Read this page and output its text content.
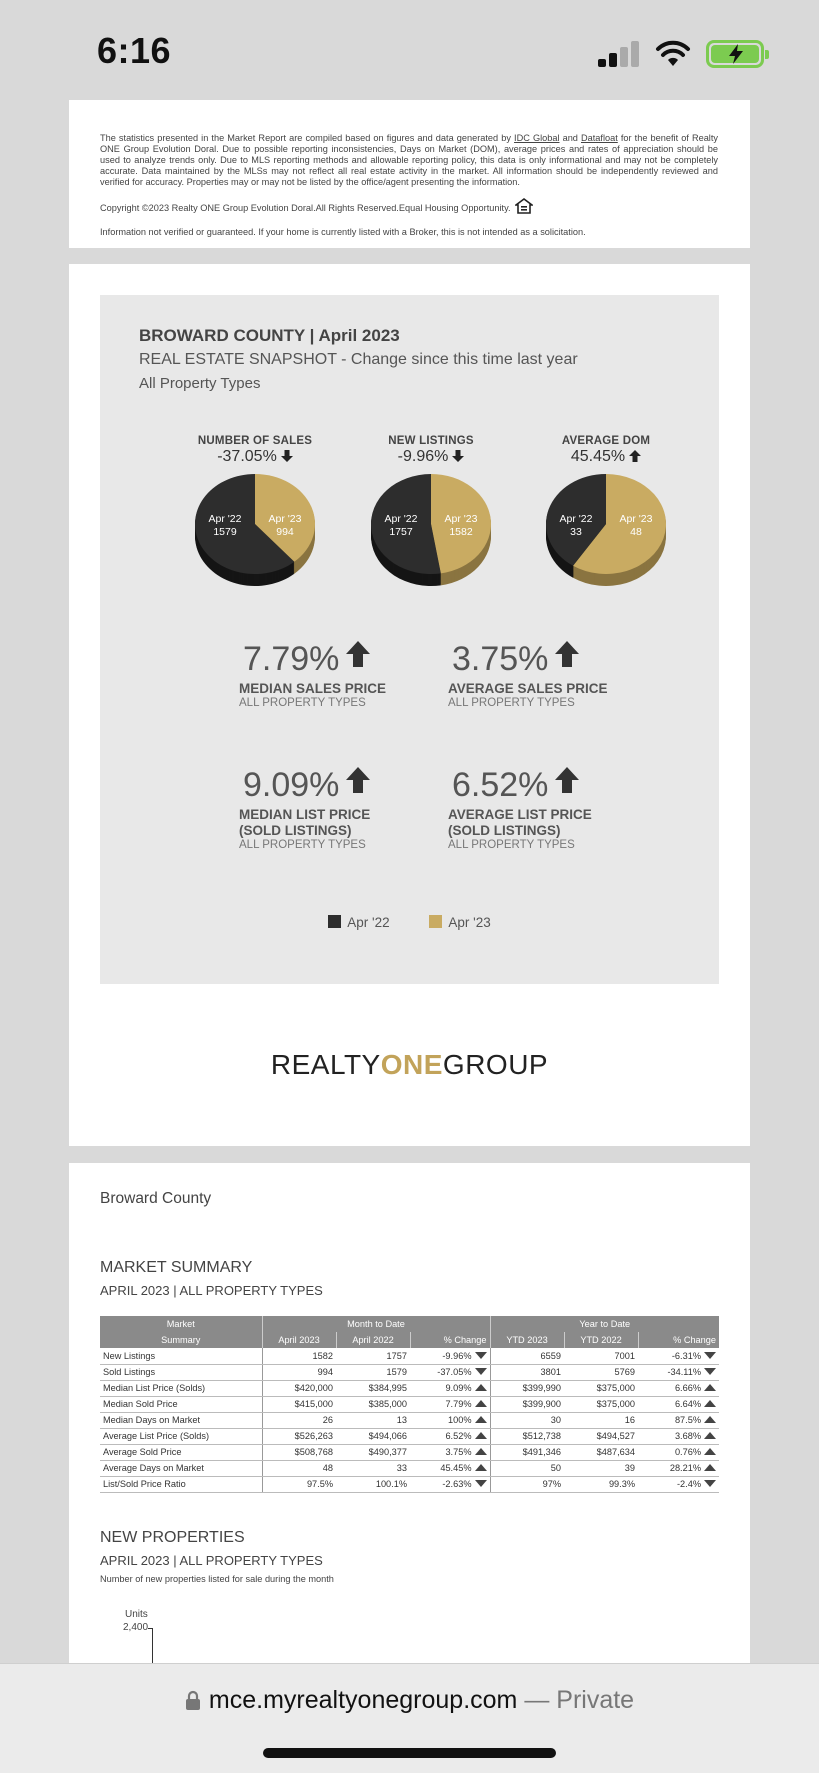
6:16
The statistics presented in the Market Report are compiled based on figures and data generated by IDC Global and Datafloat for the benefit of Realty ONE Group Evolution Doral. Due to possible reporting inconsistencies, Days on Market (DOM), average prices and rates of appreciation should be used to analyze trends only. Due to MLS reporting methods and allowable reporting policy, this data is only informational and may not be completely accurate. Data maintained by the MLSs may not reflect all real estate activity in the market. All information should be independently reviewed and verified for accuracy. Properties may or may not be listed by the office/agent presenting the information.
Copyright ©2023 Realty ONE Group Evolution Doral.All Rights Reserved.Equal Housing Opportunity.
Information not verified or guaranteed. If your home is currently listed with a Broker, this is not intended as a solicitation.
BROWARD COUNTY | April 2023
REAL ESTATE SNAPSHOT - Change since this time last year
All Property Types
NUMBER OF SALES
-37.05%
Apr '22
1579
Apr '23
994
NEW LISTINGS
-9.96%
Apr '22
1757
Apr '23
1582
AVERAGE DOM
45.45%
Apr '22
33
Apr '23
48
7.79%
MEDIAN SALES PRICE
ALL PROPERTY TYPES
3.75%
AVERAGE SALES PRICE
ALL PROPERTY TYPES
9.09%
MEDIAN LIST PRICE
(SOLD LISTINGS)
ALL PROPERTY TYPES
6.52%
AVERAGE LIST PRICE
(SOLD LISTINGS)
ALL PROPERTY TYPES
Apr '22	Apr '23
REALTYONEGROUP
Broward County
MARKET SUMMARY
APRIL 2023 | ALL PROPERTY TYPES
Market	Month to Date			Year to Date		
Summary	April 2023	April 2022	% Change	YTD 2023	YTD 2022	% Change
New Listings	1582	1757	-9.96%	6559	7001	-6.31%
Sold Listings	994	1579	-37.05%	3801	5769	-34.11%
Median List Price (Solds)	$420,000	$384,995	9.09%	$399,990	$375,000	6.66%
Median Sold Price	$415,000	$385,000	7.79%	$399,900	$375,000	6.64%
Median Days on Market	26	13	100%	30	16	87.5%
Average List Price (Solds)	$526,263	$494,066	6.52%	$512,738	$494,527	3.68%
Average Sold Price	$508,768	$490,377	3.75%	$491,346	$487,634	0.76%
Average Days on Market	48	33	45.45%	50	39	28.21%
List/Sold Price Ratio	97.5%	100.1%	-2.63%	97%	99.3%	-2.4%
NEW PROPERTIES
APRIL 2023 | ALL PROPERTY TYPES
Number of new properties listed for sale during the month
Units
2,400
mce.myrealtyonegroup.com — Private
